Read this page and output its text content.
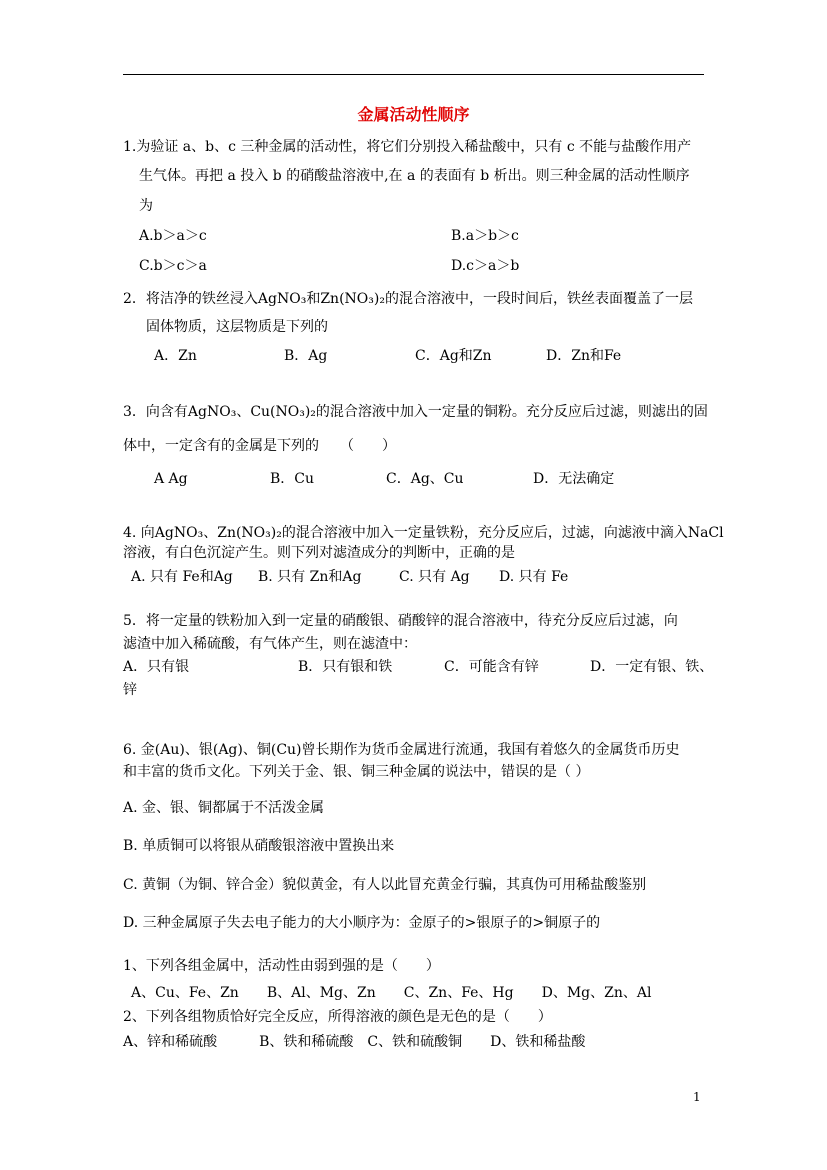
金属活动性顺序
1.为验证 a、b、c 三种金属的活动性，将它们分别投入稀盐酸中，只有 c 不能与盐酸作用产
生气体。再把 a 投入 b 的硝酸盐溶液中,在 a 的表面有 b 析出。则三种金属的活动性顺序
为
A.b＞a＞c	B.a＞b＞c
C.b＞c＞a	D.c＞a＞b
2．将洁净的铁丝浸入AgNO₃和Zn(NO₃)₂的混合溶液中，一段时间后，铁丝表面覆盖了一层
固体物质，这层物质是下列的
A．Zn	B．Ag	C．Ag和Zn	D．Zn和Fe
3．向含有AgNO₃、Cu(NO₃)₂的混合溶液中加入一定量的铜粉。充分反应后过滤，则滤出的固
体中，一定含有的金属是下列的　　（　　）
A Ag	B．Cu	C．Ag、Cu	D．无法确定
4. 向AgNO₃、Zn(NO₃)₂的混合溶液中加入一定量铁粉，充分反应后，过滤，向滤液中滴入NaCl
溶液，有白色沉淀产生。则下列对滤渣成分的判断中，正确的是
A. 只有 Fe和Ag B. 只有 Zn和Ag	C. 只有 Ag D. 只有 Fe
5．将一定量的铁粉加入到一定量的硝酸银、硝酸锌的混合溶液中，待充分反应后过滤，向
滤渣中加入稀硫酸，有气体产生，则在滤渣中：
A．只有银	B．只有银和铁	C．可能含有锌	D．一定有银、铁、
锌
6. 金(Au)、银(Ag)、铜(Cu)曾长期作为货币金属进行流通，我国有着悠久的金属货币历史
和丰富的货币文化。下列关于金、银、铜三种金属的说法中，错误的是（ ）
A. 金、银、铜都属于不活泼金属
B. 单质铜可以将银从硝酸银溶液中置换出来
C. 黄铜（为铜、锌合金）貌似黄金，有人以此冒充黄金行骗，其真伪可用稀盐酸鉴别
D. 三种金属原子失去电子能力的大小顺序为：金原子的>银原子的>铜原子的
1、下列各组金属中，活动性由弱到强的是（　　）
A、Cu、Fe、Zn　　B、Al、Mg、Zn　　C、Zn、Fe、Hg　　D、Mg、Zn、Al
2、下列各组物质恰好完全反应，所得溶液的颜色是无色的是（　　）
A、锌和稀硫酸　　　B、铁和稀硫酸　C、铁和硫酸铜　　D、铁和稀盐酸
1
